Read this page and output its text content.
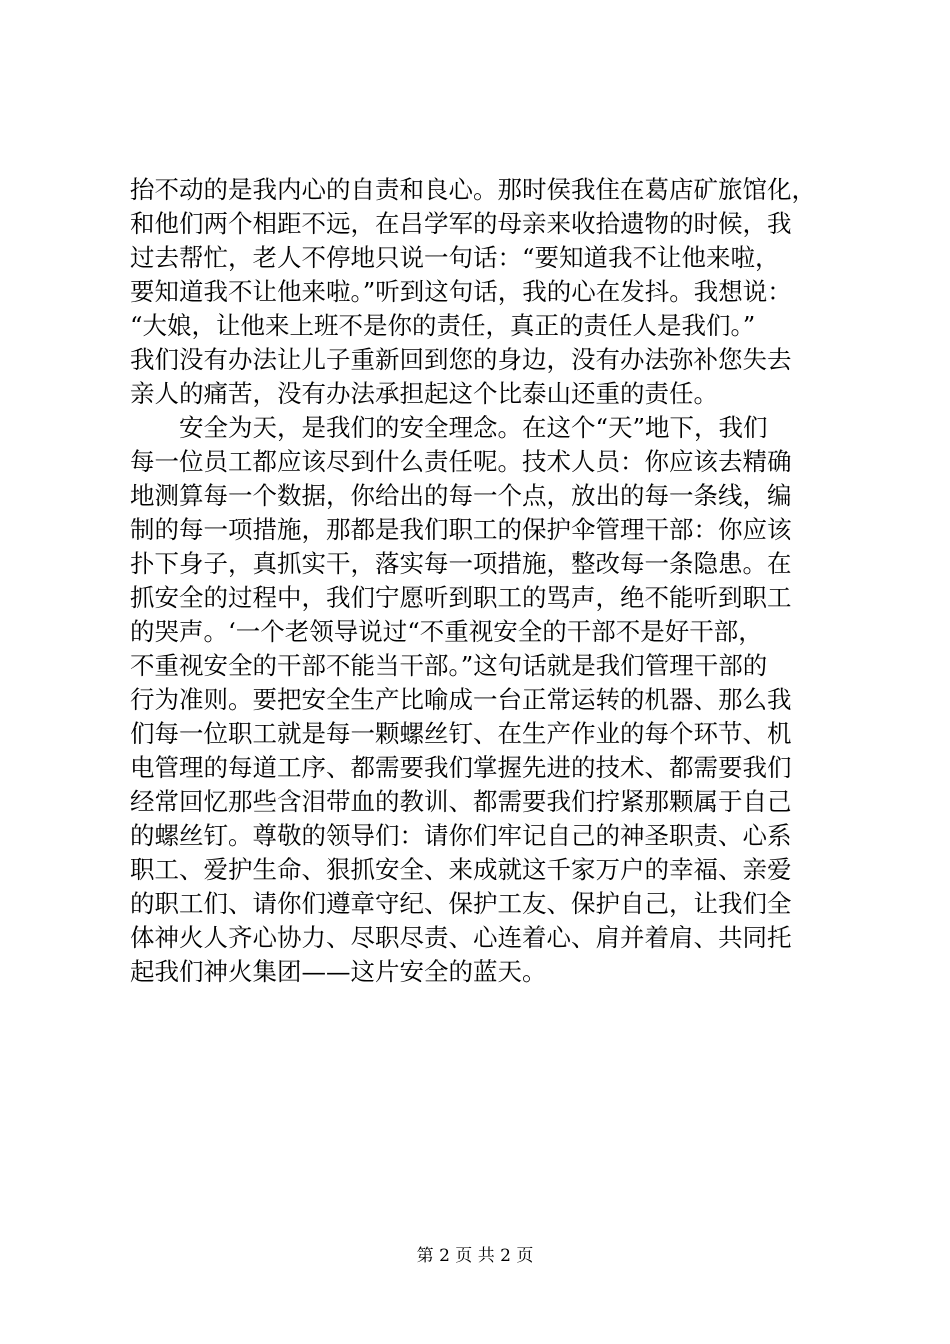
抬不动的是我内心的自责和良心。那时侯我住在葛店矿旅馆化，
和他们两个相距不远，在吕学军的母亲来收拾遗物的时候，我
过去帮忙，老人不停地只说一句话：“要知道我不让他来啦，
要知道我不让他来啦。”听到这句话，我的心在发抖。我想说：
“大娘，让他来上班不是你的责任，真正的责任人是我们。”
我们没有办法让儿子重新回到您的身边，没有办法弥补您失去
亲人的痛苦，没有办法承担起这个比泰山还重的责任。
　　安全为天，是我们的安全理念。在这个“天”地下，我们
每一位员工都应该尽到什么责任呢。技术人员：你应该去精确
地测算每一个数据，你给出的每一个点，放出的每一条线，编
制的每一项措施，那都是我们职工的保护伞管理干部：你应该
扑下身子，真抓实干，落实每一项措施，整改每一条隐患。在
抓安全的过程中，我们宁愿听到职工的骂声，绝不能听到职工
的哭声。‘一个老领导说过“不重视安全的干部不是好干部，
不重视安全的干部不能当干部。”这句话就是我们管理干部的
行为准则。要把安全生产比喻成一台正常运转的机器、那么我
们每一位职工就是每一颗螺丝钉、在生产作业的每个环节、机
电管理的每道工序、都需要我们掌握先进的技术、都需要我们
经常回忆那些含泪带血的教训、都需要我们拧紧那颗属于自己
的螺丝钉。尊敬的领导们：请你们牢记自己的神圣职责、心系
职工、爱护生命、狠抓安全、来成就这千家万户的幸福、亲爱
的职工们、请你们遵章守纪、保护工友、保护自己，让我们全
体神火人齐心协力、尽职尽责、心连着心、肩并着肩、共同托
起我们神火集团——这片安全的蓝天。
第 2 页 共 2 页
